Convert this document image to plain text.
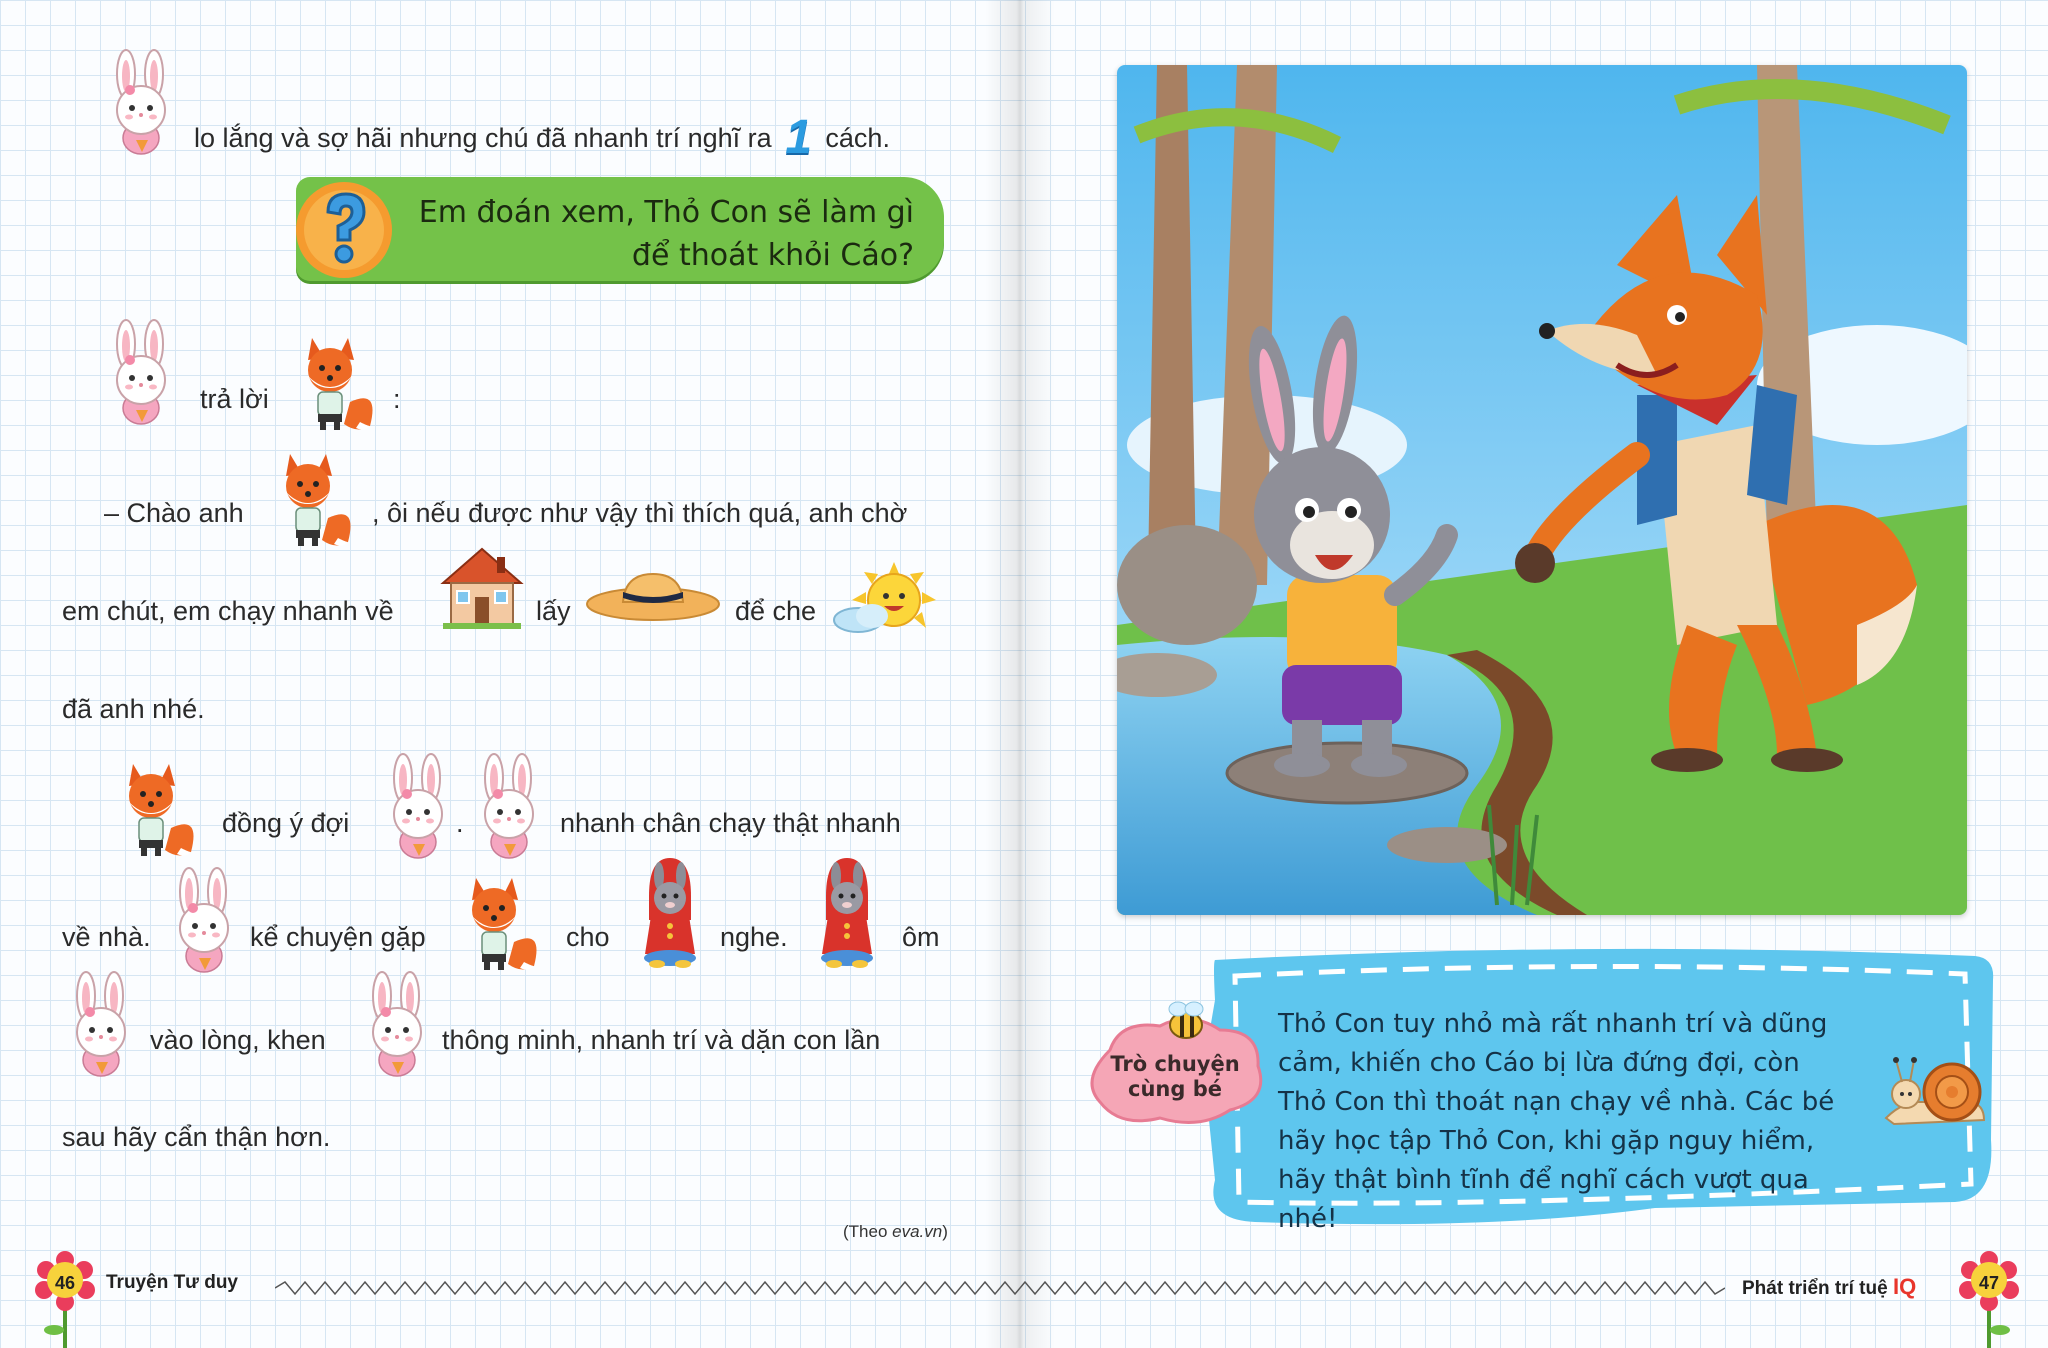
lo lắng và sợ hãi nhưng chú đã nhanh trí nghĩ ra 1 cách.
Em đoán xem, Thỏ Con sẽ làm gì để thoát khỏi Cáo?
trả lời	:
– Chào anh	, ôi nếu được như vậy thì thích quá, anh chờ
em chút, em chạy nhanh về	lấy	để che
đã anh nhé.
đồng ý đợi	.	nhanh chân chạy thật nhanh
về nhà.	kể chuyện gặp	cho	nghe.	ôm
vào lòng, khen	thông minh, nhanh trí và dặn con lần
sau hãy cẩn thận hơn.
(Theo eva.vn)
Thỏ Con tuy nhỏ mà rất nhanh trí và dũng cảm, khiến cho Cáo bị lừa đứng đợi, còn Thỏ Con thì thoát nạn chạy về nhà. Các bé hãy học tập Thỏ Con, khi gặp nguy hiểm, hãy thật bình tĩnh để nghĩ cách vượt qua nhé!
Trò chuyện
cùng bé
46	Truyện Tư duy	Phát triển trí tuệ IQ	47
